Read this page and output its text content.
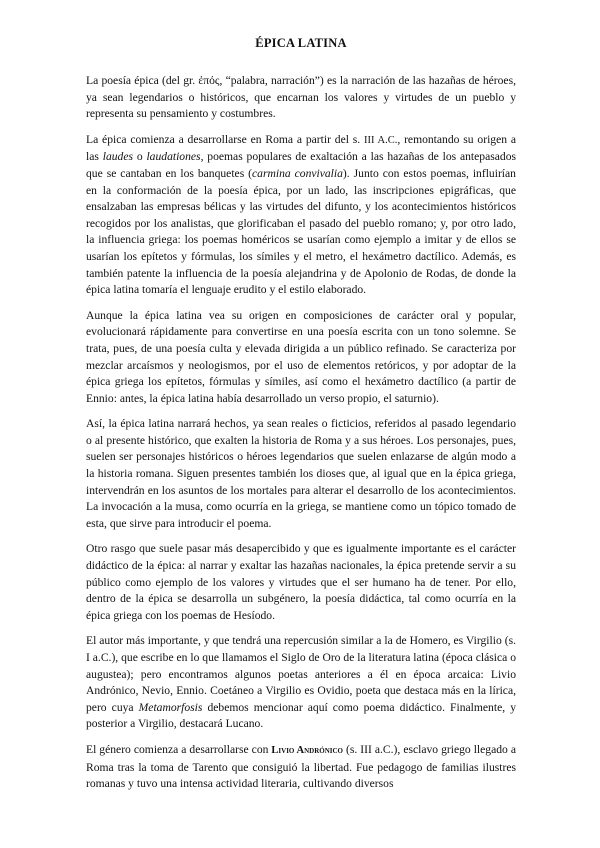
ÉPICA LATINA

La poesía épica (del gr. ἐπός, “palabra, narración”) es la narración de las hazañas de héroes, ya sean legendarios o históricos, que encarnan los valores y virtudes de un pueblo y representa su pensamiento y costumbres.

La épica comienza a desarrollarse en Roma a partir del s. III A.C., remontando su origen a las laudes o laudationes, poemas populares de exaltación a las hazañas de los antepasados que se cantaban en los banquetes (carmina convivalia). Junto con estos poemas, influirían en la conformación de la poesía épica, por un lado, las inscripciones epigráficas, que ensalzaban las empresas bélicas y las virtudes del difunto, y los acontecimientos históricos recogidos por los analistas, que glorificaban el pasado del pueblo romano; y, por otro lado, la influencia griega: los poemas homéricos se usarían como ejemplo a imitar y de ellos se usarían los epítetos y fórmulas, los símiles y el metro, el hexámetro dactílico. Además, es también patente la influencia de la poesía alejandrina y de Apolonio de Rodas, de donde la épica latina tomaría el lenguaje erudito y el estilo elaborado.

Aunque la épica latina vea su origen en composiciones de carácter oral y popular, evolucionará rápidamente para convertirse en una poesía escrita con un tono solemne. Se trata, pues, de una poesía culta y elevada dirigida a un público refinado. Se caracteriza por mezclar arcaísmos y neologismos, por el uso de elementos retóricos, y por adoptar de la épica griega los epítetos, fórmulas y símiles, así como el hexámetro dactílico (a partir de Ennio: antes, la épica latina había desarrollado un verso propio, el saturnio).

Así, la épica latina narrará hechos, ya sean reales o ficticios, referidos al pasado legendario o al presente histórico, que exalten la historia de Roma y a sus héroes. Los personajes, pues, suelen ser personajes históricos o héroes legendarios que suelen enlazarse de algún modo a la historia romana. Siguen presentes también los dioses que, al igual que en la épica griega, intervendrán en los asuntos de los mortales para alterar el desarrollo de los acontecimientos. La invocación a la musa, como ocurría en la griega, se mantiene como un tópico tomado de esta, que sirve para introducir el poema.

Otro rasgo que suele pasar más desapercibido y que es igualmente importante es el carácter didáctico de la épica: al narrar y exaltar las hazañas nacionales, la épica pretende servir a su público como ejemplo de los valores y virtudes que el ser humano ha de tener. Por ello, dentro de la épica se desarrolla un subgénero, la poesía didáctica, tal como ocurría en la épica griega con los poemas de Hesíodo.

El autor más importante, y que tendrá una repercusión similar a la de Homero, es Virgilio (s. I a.C.), que escribe en lo que llamamos el Siglo de Oro de la literatura latina (época clásica o augustea); pero encontramos algunos poetas anteriores a él en época arcaica: Livio Andrónico, Nevio, Ennio. Coetáneo a Virgilio es Ovidio, poeta que destaca más en la lírica, pero cuya Metamorfosis debemos mencionar aquí como poema didáctico. Finalmente, y posterior a Virgilio, destacará Lucano.

El género comienza a desarrollarse con Livio Andrónico (s. III a.C.), esclavo griego llegado a Roma tras la toma de Tarento que consiguió la libertad. Fue pedagogo de familias ilustres romanas y tuvo una intensa actividad literaria, cultivando diversos
